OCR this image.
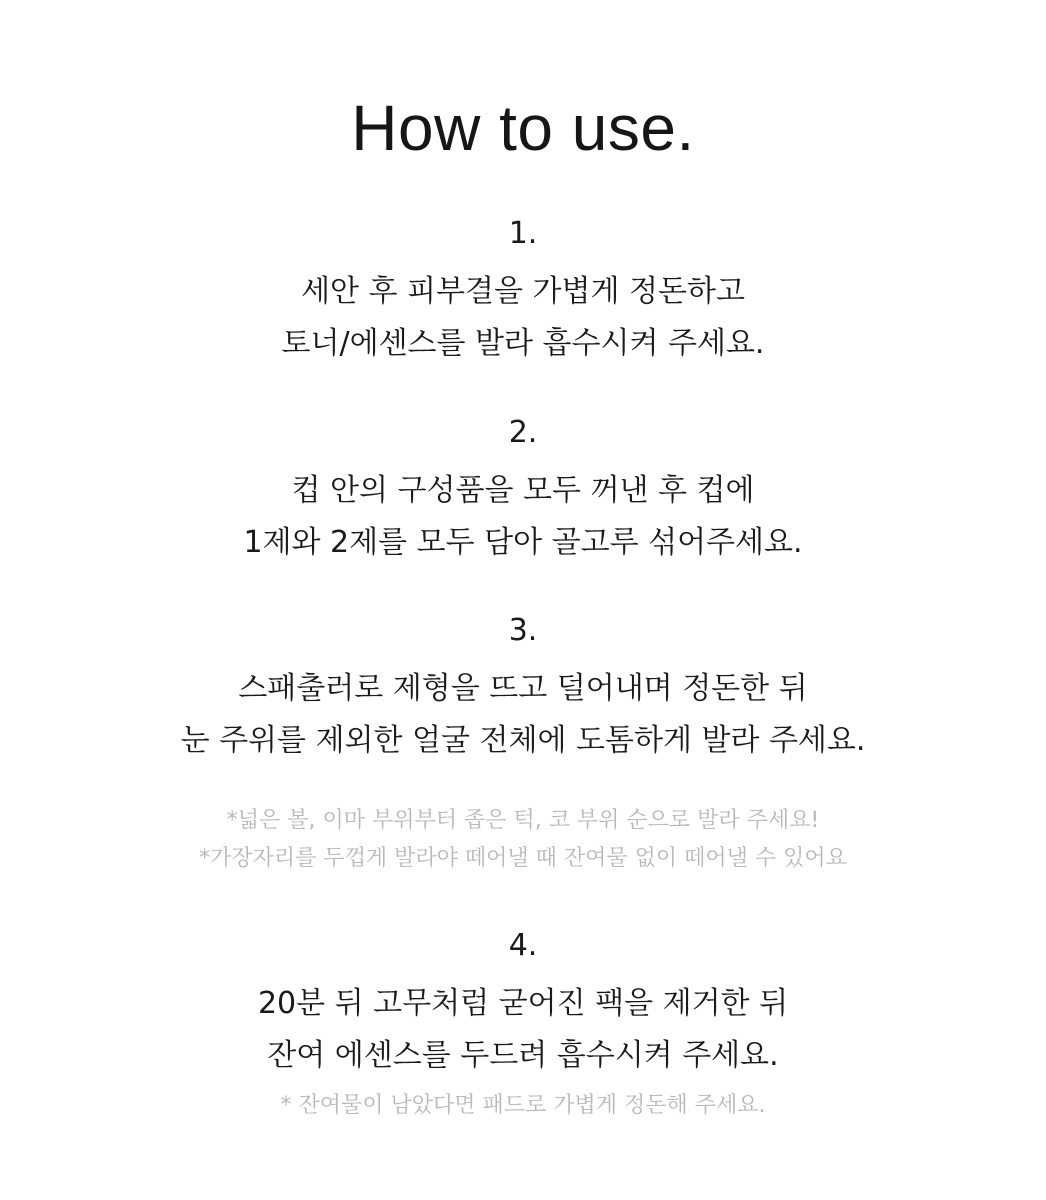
How to use.
1.
세안 후 피부결을 가볍게 정돈하고
토너/에센스를 발라 흡수시켜 주세요.
2.
컵 안의 구성품을 모두 꺼낸 후 컵에
1제와 2제를 모두 담아 골고루 섞어주세요.
3.
스패출러로 제형을 뜨고 덜어내며 정돈한 뒤
눈 주위를 제외한 얼굴 전체에 도톰하게 발라 주세요.
*넓은 볼, 이마 부위부터 좁은 턱, 코 부위 순으로 발라 주세요!
*가장자리를 두껍게 발라야 떼어낼 때 잔여물 없이 떼어낼 수 있어요
4.
20분 뒤 고무처럼 굳어진 팩을 제거한 뒤
잔여 에센스를 두드려 흡수시켜 주세요.
* 잔여물이 남았다면 패드로 가볍게 정돈해 주세요.
